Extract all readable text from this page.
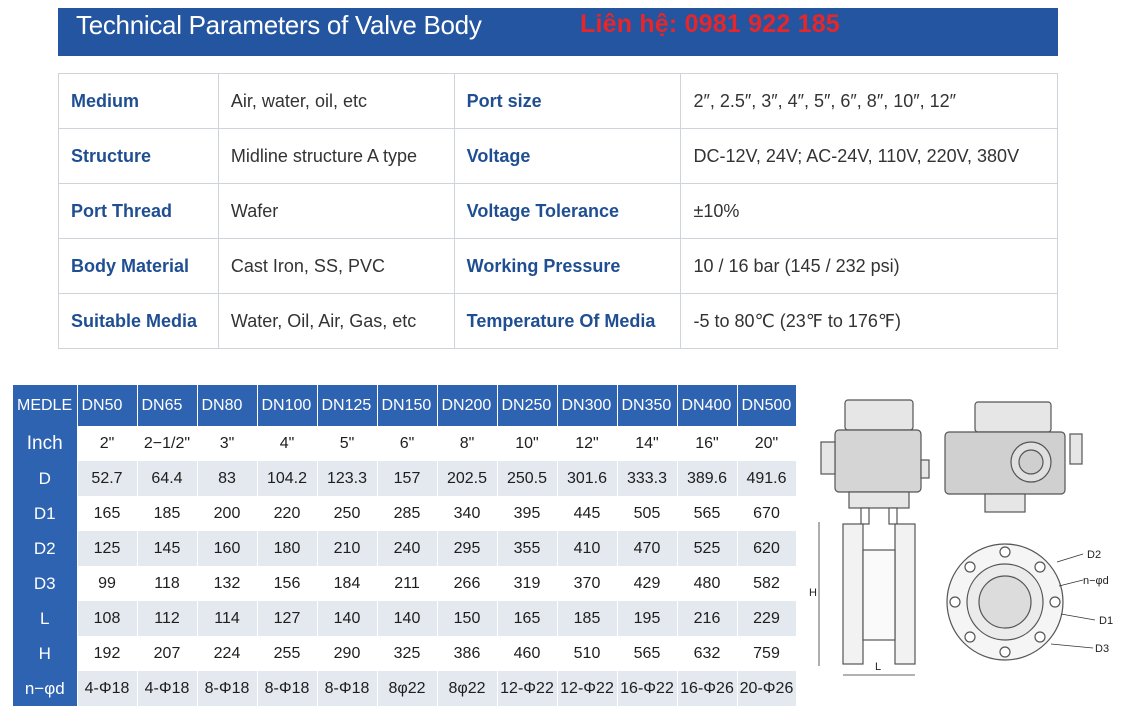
Technical Parameters of Valve Body	Liên hệ: 0981 922 185
Medium	Air, water, oil, etc	Port size	2″, 2.5″, 3″, 4″, 5″, 6″, 8″, 10″, 12″
Structure	Midline structure A type	Voltage	DC-12V, 24V; AC-24V, 110V, 220V, 380V
Port Thread	Wafer	Voltage Tolerance	±10%
Body Material	Cast Iron, SS, PVC	Working Pressure	10 / 16 bar (145 / 232 psi)
Suitable Media	Water, Oil, Air, Gas, etc	Temperature Of Media	-5 to 80℃ (23℉ to 176℉)
MEDLE	DN50	DN65	DN80	DN100	DN125	DN150	DN200	DN250	DN300	DN350	DN400	DN500
Inch	2"	2−1/2"	3"	4"	5"	6"	8"	10"	12"	14"	16"	20"
D	52.7	64.4	83	104.2	123.3	157	202.5	250.5	301.6	333.3	389.6	491.6
D1	165	185	200	220	250	285	340	395	445	505	565	670
D2	125	145	160	180	210	240	295	355	410	470	525	620
D3	99	118	132	156	184	211	266	319	370	429	480	582
L	108	112	114	127	140	140	150	165	185	195	216	229
H	192	207	224	255	290	325	386	460	510	565	632	759
n−φd	4-Φ18	4-Φ18	8-Φ18	8-Φ18	8-Φ18	8φ22	8φ22	12-Φ22	12-Φ22	16-Φ22	16-Φ26	20-Φ26
D2
n−φd
D1
D3
H
L
